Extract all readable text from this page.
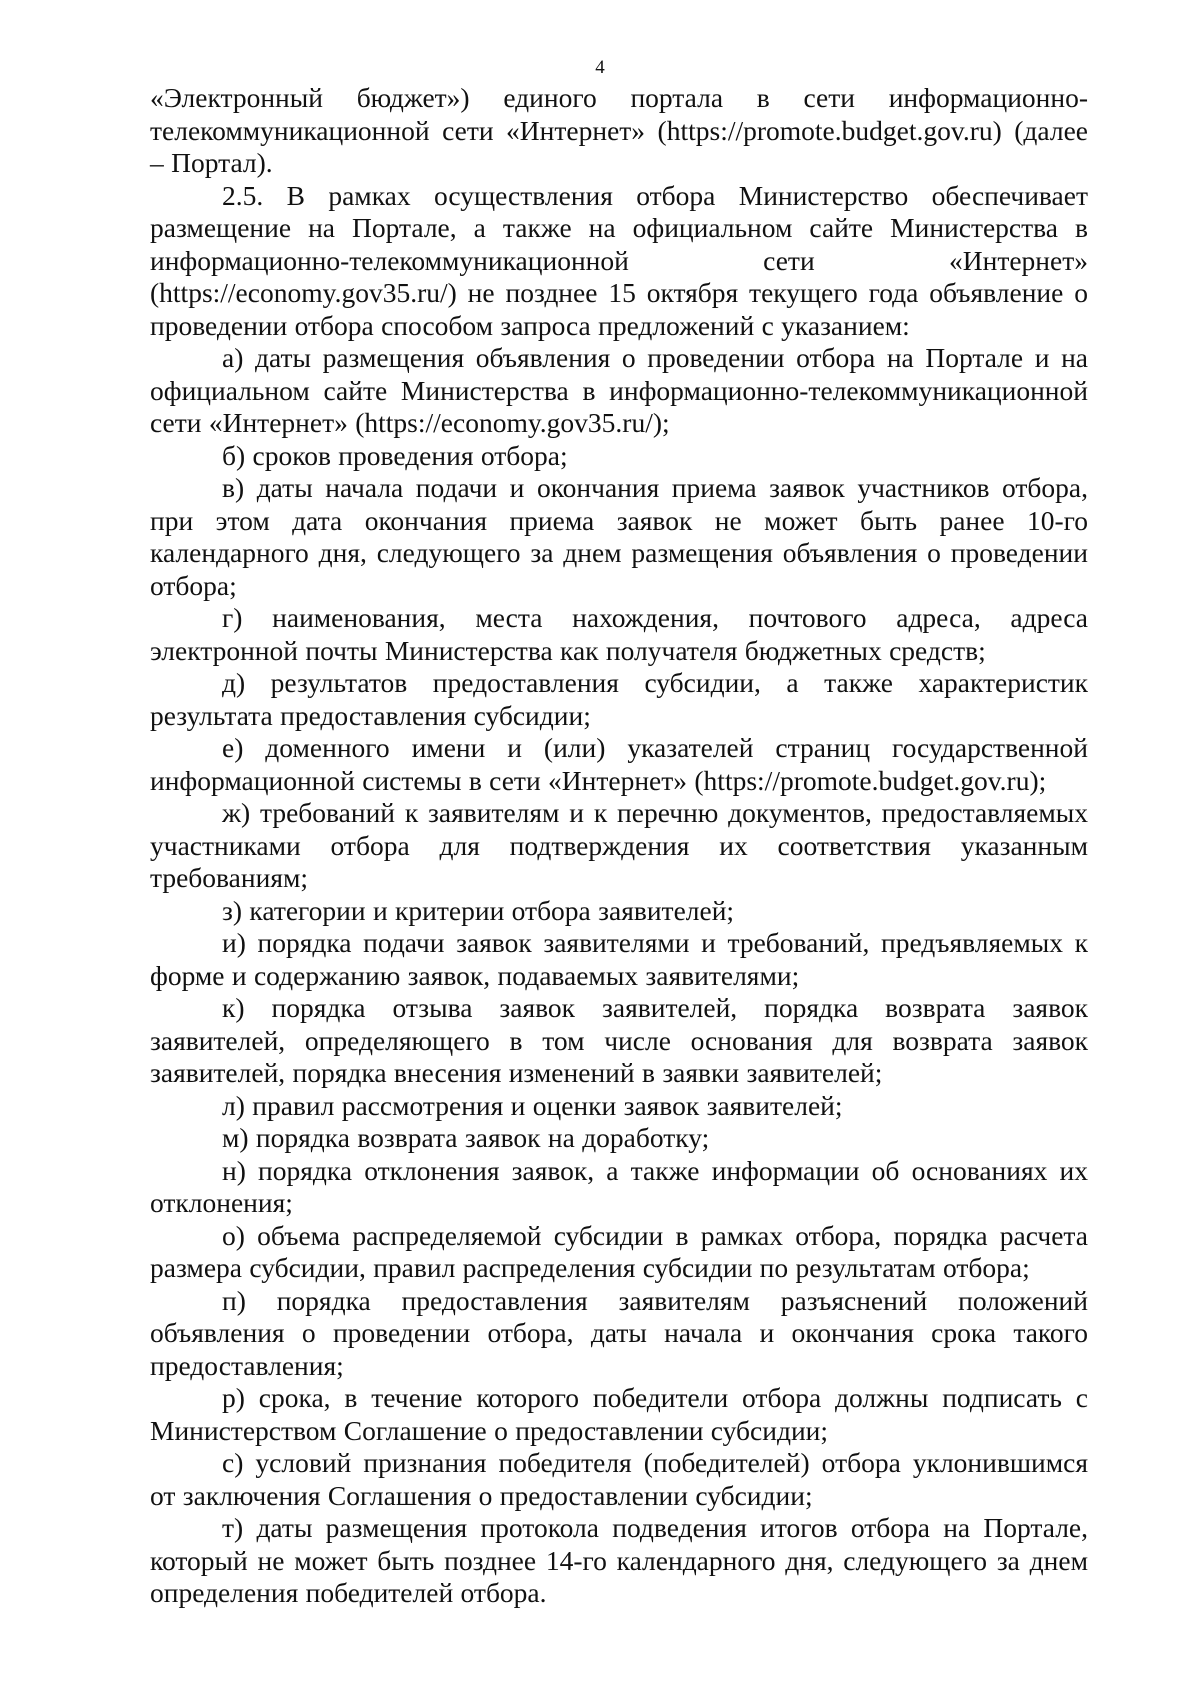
4

«Электронный бюджет») единого портала в сети информационно-телекоммуникационной сети «Интернет» (https://promote.budget.gov.ru) (далее – Портал).

2.5. В рамках осуществления отбора Министерство обеспечивает размещение на Портале, а также на официальном сайте Министерства в информационно-телекоммуникационной сети «Интернет» (https://economy.gov35.ru/) не позднее 15 октября текущего года объявление о проведении отбора способом запроса предложений с указанием:

а) даты размещения объявления о проведении отбора на Портале и на официальном сайте Министерства в информационно-телекоммуникационной сети «Интернет» (https://economy.gov35.ru/);

б) сроков проведения отбора;

в) даты начала подачи и окончания приема заявок участников отбора, при этом дата окончания приема заявок не может быть ранее 10-го календарного дня, следующего за днем размещения объявления о проведении отбора;

г) наименования, места нахождения, почтового адреса, адреса электронной почты Министерства как получателя бюджетных средств;

д) результатов предоставления субсидии, а также характеристик результата предоставления субсидии;

е) доменного имени и (или) указателей страниц государственной информационной системы в сети «Интернет» (https://promote.budget.gov.ru);

ж) требований к заявителям и к перечню документов, предоставляемых участниками отбора для подтверждения их соответствия указанным требованиям;

з) категории и критерии отбора заявителей;

и) порядка подачи заявок заявителями и требований, предъявляемых к форме и содержанию заявок, подаваемых заявителями;

к) порядка отзыва заявок заявителей, порядка возврата заявок заявителей, определяющего в том числе основания для возврата заявок заявителей, порядка внесения изменений в заявки заявителей;

л) правил рассмотрения и оценки заявок заявителей;

м) порядка возврата заявок на доработку;

н) порядка отклонения заявок, а также информации об основаниях их отклонения;

о) объема распределяемой субсидии в рамках отбора, порядка расчета размера субсидии, правил распределения субсидии по результатам отбора;

п) порядка предоставления заявителям разъяснений положений объявления о проведении отбора, даты начала и окончания срока такого предоставления;

р) срока, в течение которого победители отбора должны подписать с Министерством Соглашение о предоставлении субсидии;

с) условий признания победителя (победителей) отбора уклонившимся от заключения Соглашения о предоставлении субсидии;

т) даты размещения протокола подведения итогов отбора на Портале, который не может быть позднее 14-го календарного дня, следующего за днем определения победителей отбора.
